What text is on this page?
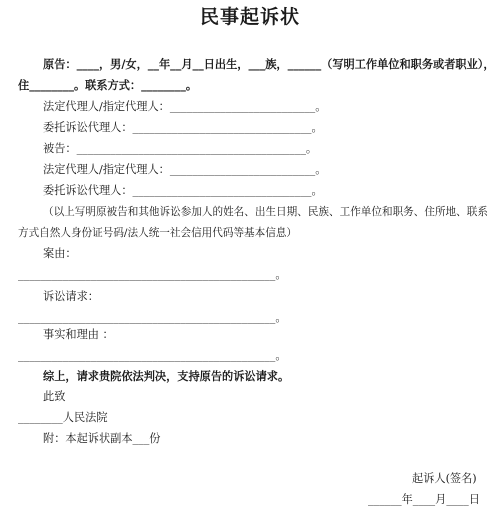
民事起诉状
原告：____，男/女，__年__月__日出生，___族，______（写明工作单位和职务或者职业），
住________。联系方式：________。
法定代理人/指定代理人：__________________________。
委托诉讼代理人：________________________________。
被告：_________________________________________。
法定代理人/指定代理人：__________________________。
委托诉讼代理人：________________________________。
（以上写明原被告和其他诉讼参加人的姓名、出生日期、民族、工作单位和职务、住所地、联系
方式自然人身份证号码/法人统一社会信用代码等基本信息）
案由：
______________________________________________。
诉讼请求：
______________________________________________。
事实和理由 ：
______________________________________________。
综上，请求贵院依法判决，支持原告的诉讼请求。
此致
________人民法院
附：本起诉状副本___份
起诉人(签名)
______年____月____日
